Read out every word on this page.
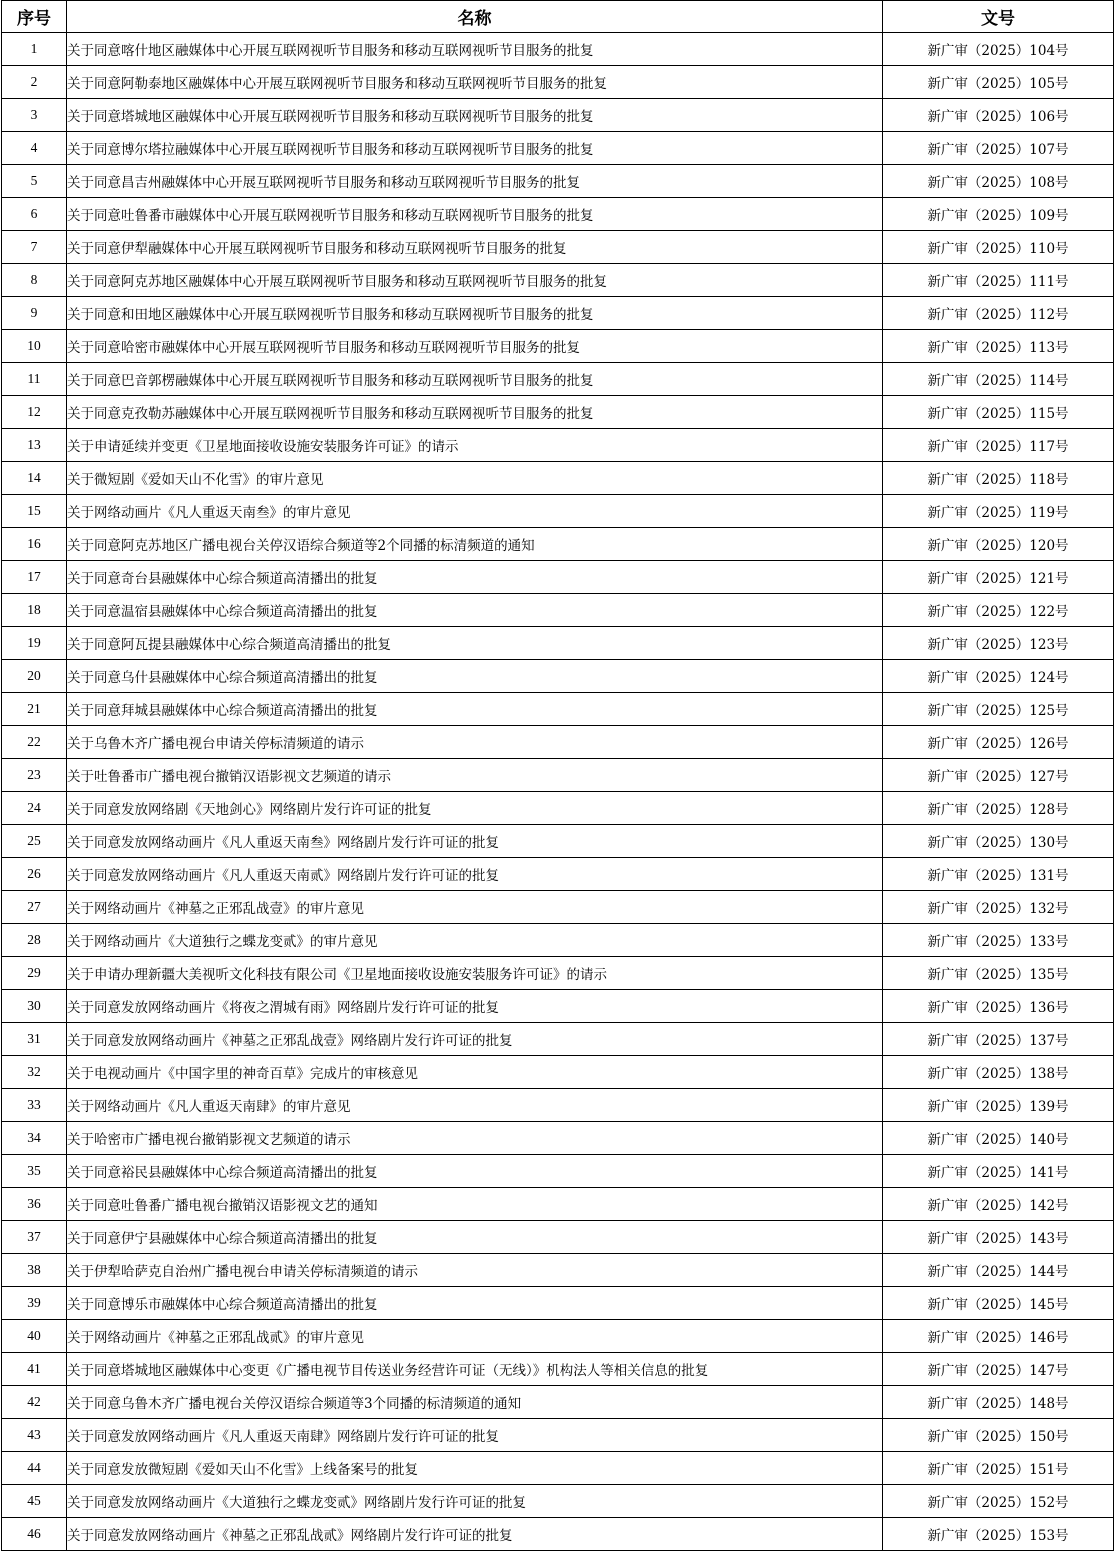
序号	名称	文号
1	关于同意喀什地区融媒体中心开展互联网视听节目服务和移动互联网视听节目服务的批复	新广审（2025）104号
2	关于同意阿勒泰地区融媒体中心开展互联网视听节目服务和移动互联网视听节目服务的批复	新广审（2025）105号
3	关于同意塔城地区融媒体中心开展互联网视听节目服务和移动互联网视听节目服务的批复	新广审（2025）106号
4	关于同意博尔塔拉融媒体中心开展互联网视听节目服务和移动互联网视听节目服务的批复	新广审（2025）107号
5	关于同意昌吉州融媒体中心开展互联网视听节目服务和移动互联网视听节目服务的批复	新广审（2025）108号
6	关于同意吐鲁番市融媒体中心开展互联网视听节目服务和移动互联网视听节目服务的批复	新广审（2025）109号
7	关于同意伊犁融媒体中心开展互联网视听节目服务和移动互联网视听节目服务的批复	新广审（2025）110号
8	关于同意阿克苏地区融媒体中心开展互联网视听节目服务和移动互联网视听节目服务的批复	新广审（2025）111号
9	关于同意和田地区融媒体中心开展互联网视听节目服务和移动互联网视听节目服务的批复	新广审（2025）112号
10	关于同意哈密市融媒体中心开展互联网视听节目服务和移动互联网视听节目服务的批复	新广审（2025）113号
11	关于同意巴音郭楞融媒体中心开展互联网视听节目服务和移动互联网视听节目服务的批复	新广审（2025）114号
12	关于同意克孜勒苏融媒体中心开展互联网视听节目服务和移动互联网视听节目服务的批复	新广审（2025）115号
13	关于申请延续并变更《卫星地面接收设施安装服务许可证》的请示	新广审（2025）117号
14	关于微短剧《爱如天山不化雪》的审片意见	新广审（2025）118号
15	关于网络动画片《凡人重返天南叁》的审片意见	新广审（2025）119号
16	关于同意阿克苏地区广播电视台关停汉语综合频道等2个同播的标清频道的通知	新广审（2025）120号
17	关于同意奇台县融媒体中心综合频道高清播出的批复	新广审（2025）121号
18	关于同意温宿县融媒体中心综合频道高清播出的批复	新广审（2025）122号
19	关于同意阿瓦提县融媒体中心综合频道高清播出的批复	新广审（2025）123号
20	关于同意乌什县融媒体中心综合频道高清播出的批复	新广审（2025）124号
21	关于同意拜城县融媒体中心综合频道高清播出的批复	新广审（2025）125号
22	关于乌鲁木齐广播电视台申请关停标清频道的请示	新广审（2025）126号
23	关于吐鲁番市广播电视台撤销汉语影视文艺频道的请示	新广审（2025）127号
24	关于同意发放网络剧《天地剑心》网络剧片发行许可证的批复	新广审（2025）128号
25	关于同意发放网络动画片《凡人重返天南叁》网络剧片发行许可证的批复	新广审（2025）130号
26	关于同意发放网络动画片《凡人重返天南贰》网络剧片发行许可证的批复	新广审（2025）131号
27	关于网络动画片《神墓之正邪乱战壹》的审片意见	新广审（2025）132号
28	关于网络动画片《大道独行之蝶龙变贰》的审片意见	新广审（2025）133号
29	关于申请办理新疆大美视听文化科技有限公司《卫星地面接收设施安装服务许可证》的请示	新广审（2025）135号
30	关于同意发放网络动画片《将夜之渭城有雨》网络剧片发行许可证的批复	新广审（2025）136号
31	关于同意发放网络动画片《神墓之正邪乱战壹》网络剧片发行许可证的批复	新广审（2025）137号
32	关于电视动画片《中国字里的神奇百草》完成片的审核意见	新广审（2025）138号
33	关于网络动画片《凡人重返天南肆》的审片意见	新广审（2025）139号
34	关于哈密市广播电视台撤销影视文艺频道的请示	新广审（2025）140号
35	关于同意裕民县融媒体中心综合频道高清播出的批复	新广审（2025）141号
36	关于同意吐鲁番广播电视台撤销汉语影视文艺的通知	新广审（2025）142号
37	关于同意伊宁县融媒体中心综合频道高清播出的批复	新广审（2025）143号
38	关于伊犁哈萨克自治州广播电视台申请关停标清频道的请示	新广审（2025）144号
39	关于同意博乐市融媒体中心综合频道高清播出的批复	新广审（2025）145号
40	关于网络动画片《神墓之正邪乱战贰》的审片意见	新广审（2025）146号
41	关于同意塔城地区融媒体中心变更《广播电视节目传送业务经营许可证（无线）》机构法人等相关信息的批复	新广审（2025）147号
42	关于同意乌鲁木齐广播电视台关停汉语综合频道等3个同播的标清频道的通知	新广审（2025）148号
43	关于同意发放网络动画片《凡人重返天南肆》网络剧片发行许可证的批复	新广审（2025）150号
44	关于同意发放微短剧《爱如天山不化雪》上线备案号的批复	新广审（2025）151号
45	关于同意发放网络动画片《大道独行之蝶龙变贰》网络剧片发行许可证的批复	新广审（2025）152号
46	关于同意发放网络动画片《神墓之正邪乱战贰》网络剧片发行许可证的批复	新广审（2025）153号
